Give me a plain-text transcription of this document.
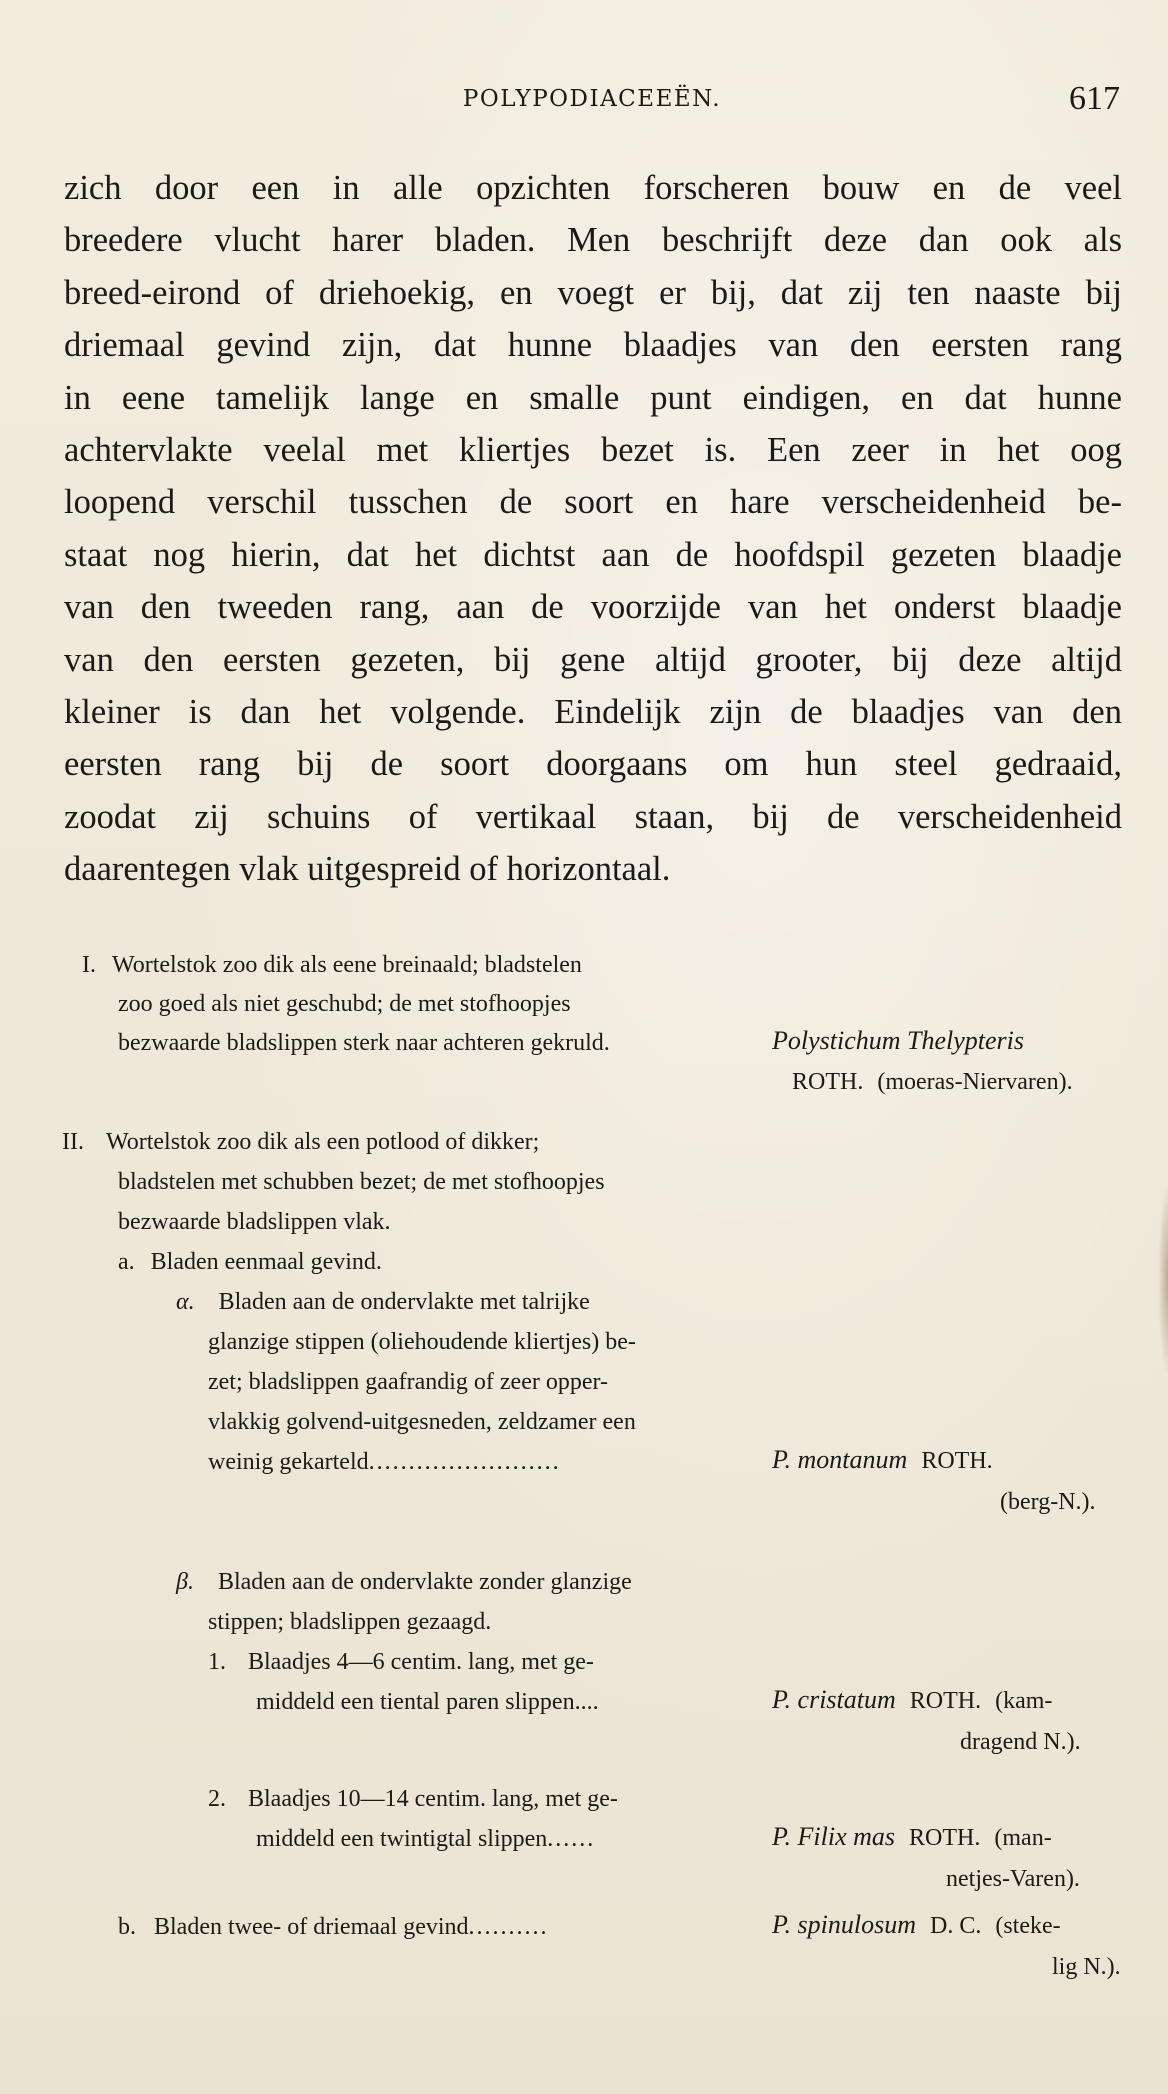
POLYPODIACEEËN.	617
zich door een in alle opzichten forscheren bouw en de veel
breedere vlucht harer bladen. Men beschrijft deze dan ook als
breed-eirond of driehoekig, en voegt er bij, dat zij ten naaste bij
driemaal gevind zijn, dat hunne blaadjes van den eersten rang
in eene tamelijk lange en smalle punt eindigen, en dat hunne
achtervlakte veelal met kliertjes bezet is. Een zeer in het oog
loopend verschil tusschen de soort en hare verscheidenheid be-
staat nog hierin, dat het dichtst aan de hoofdspil gezeten blaadje
van den tweeden rang, aan de voorzijde van het onderst blaadje
van den eersten gezeten, bij gene altijd grooter, bij deze altijd
kleiner is dan het volgende. Eindelijk zijn de blaadjes van den
eersten rang bij de soort doorgaans om hun steel gedraaid,
zoodat zij schuins of vertikaal staan, bij de verscheidenheid
daarentegen vlak uitgespreid of horizontaal.
I. Wortelstok zoo dik als eene breinaald; bladstelen
zoo goed als niet geschubd; de met stofhoopjes
bezwaarde bladslippen sterk naar achteren gekruld.	Polystichum Thelypteris
ROTH. (moeras-Niervaren).
II. Wortelstok zoo dik als een potlood of dikker;
bladstelen met schubben bezet; de met stofhoopjes
bezwaarde bladslippen vlak.
a. Bladen eenmaal gevind.
α. Bladen aan de ondervlakte met talrijke
glanzige stippen (oliehoudende kliertjes) be-
zet; bladslippen gaafrandig of zeer opper-
vlakkig golvend-uitgesneden, zeldzamer een
weinig gekarteld........................	P. montanum ROTH.
(berg-N.).
β. Bladen aan de ondervlakte zonder glanzige
stippen; bladslippen gezaagd.
1. Blaadjes 4—6 centim. lang, met ge-
middeld een tiental paren slippen....	P. cristatum ROTH. (kam-
dragend N.).
2. Blaadjes 10—14 centim. lang, met ge-
middeld een twintigtal slippen......	P. Filix mas ROTH. (man-
netjes-Varen).
b. Bladen twee- of driemaal gevind..........	P. spinulosum D. C. (steke-
lig N.).
